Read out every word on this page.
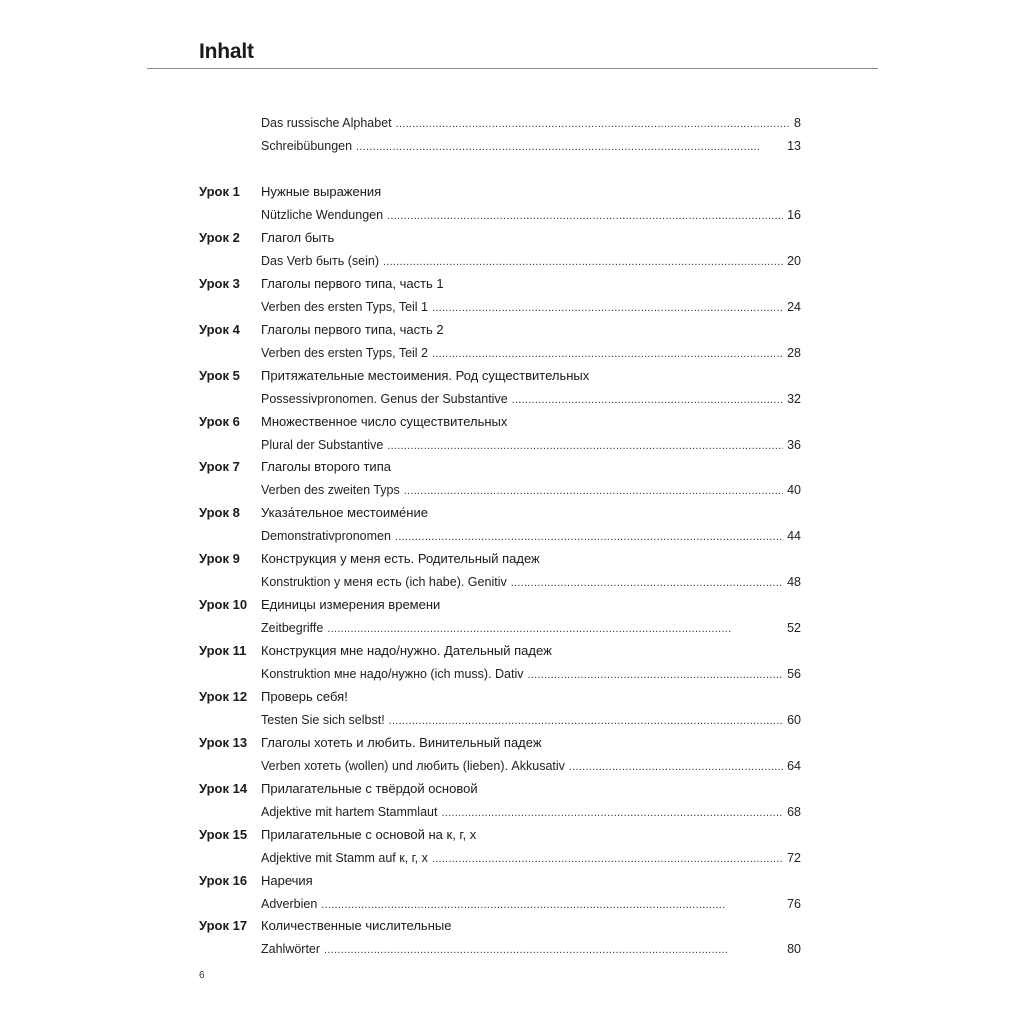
Inhalt
Das russische Alphabet . . .	8
Schreibübungen . . .	13
Урок 1 Нужные выражения
Nützliche Wendungen . . .	16
Урок 2 Глагол быть
Das Verb быть (sein) . . .	20
Урок 3 Глаголы первого типа, часть 1
Verben des ersten Typs, Teil 1 . . .	24
Урок 4 Глаголы первого типа, часть 2
Verben des ersten Typs, Teil 2 . . .	28
Урок 5 Притяжательные местоимения. Род существительных
Possessivpronomen. Genus der Substantive . . .	32
Урок 6 Множественное число существительных
Plural der Substantive . . .	36
Урок 7 Глаголы второго типа
Verben des zweiten Typs . . .	40
Урок 8 Указа́тельное местоиме́ние
Demonstrativpronomen . . .	44
Урок 9 Конструкция у меня есть. Родительный падеж
Konstruktion у меня есть (ich habe). Genitiv . . .	48
Урок 10 Единицы измерения времени
Zeitbegriffe . . .	52
Урок 11 Конструкция мне надо/нужно. Дательный падеж
Konstruktion мне надо/нужно (ich muss). Dativ . . .	56
Урок 12 Проверь себя!
Testen Sie sich selbst! . . .	60
Урок 13 Глаголы хотеть и любить. Винительный падеж
Verben хотеть (wollen) und любить (lieben). Akkusativ . . .	64
Урок 14 Прилагательные с твёрдой основой
Adjektive mit hartem Stammlaut . . .	68
Урок 15 Прилагательные с основой на к, г, х
Adjektive mit Stamm auf к, г, х . . .	72
Урок 16 Наречия
Adverbien . . .	76
Урок 17 Количественные числительные
Zahlwörter . . .	80
6
